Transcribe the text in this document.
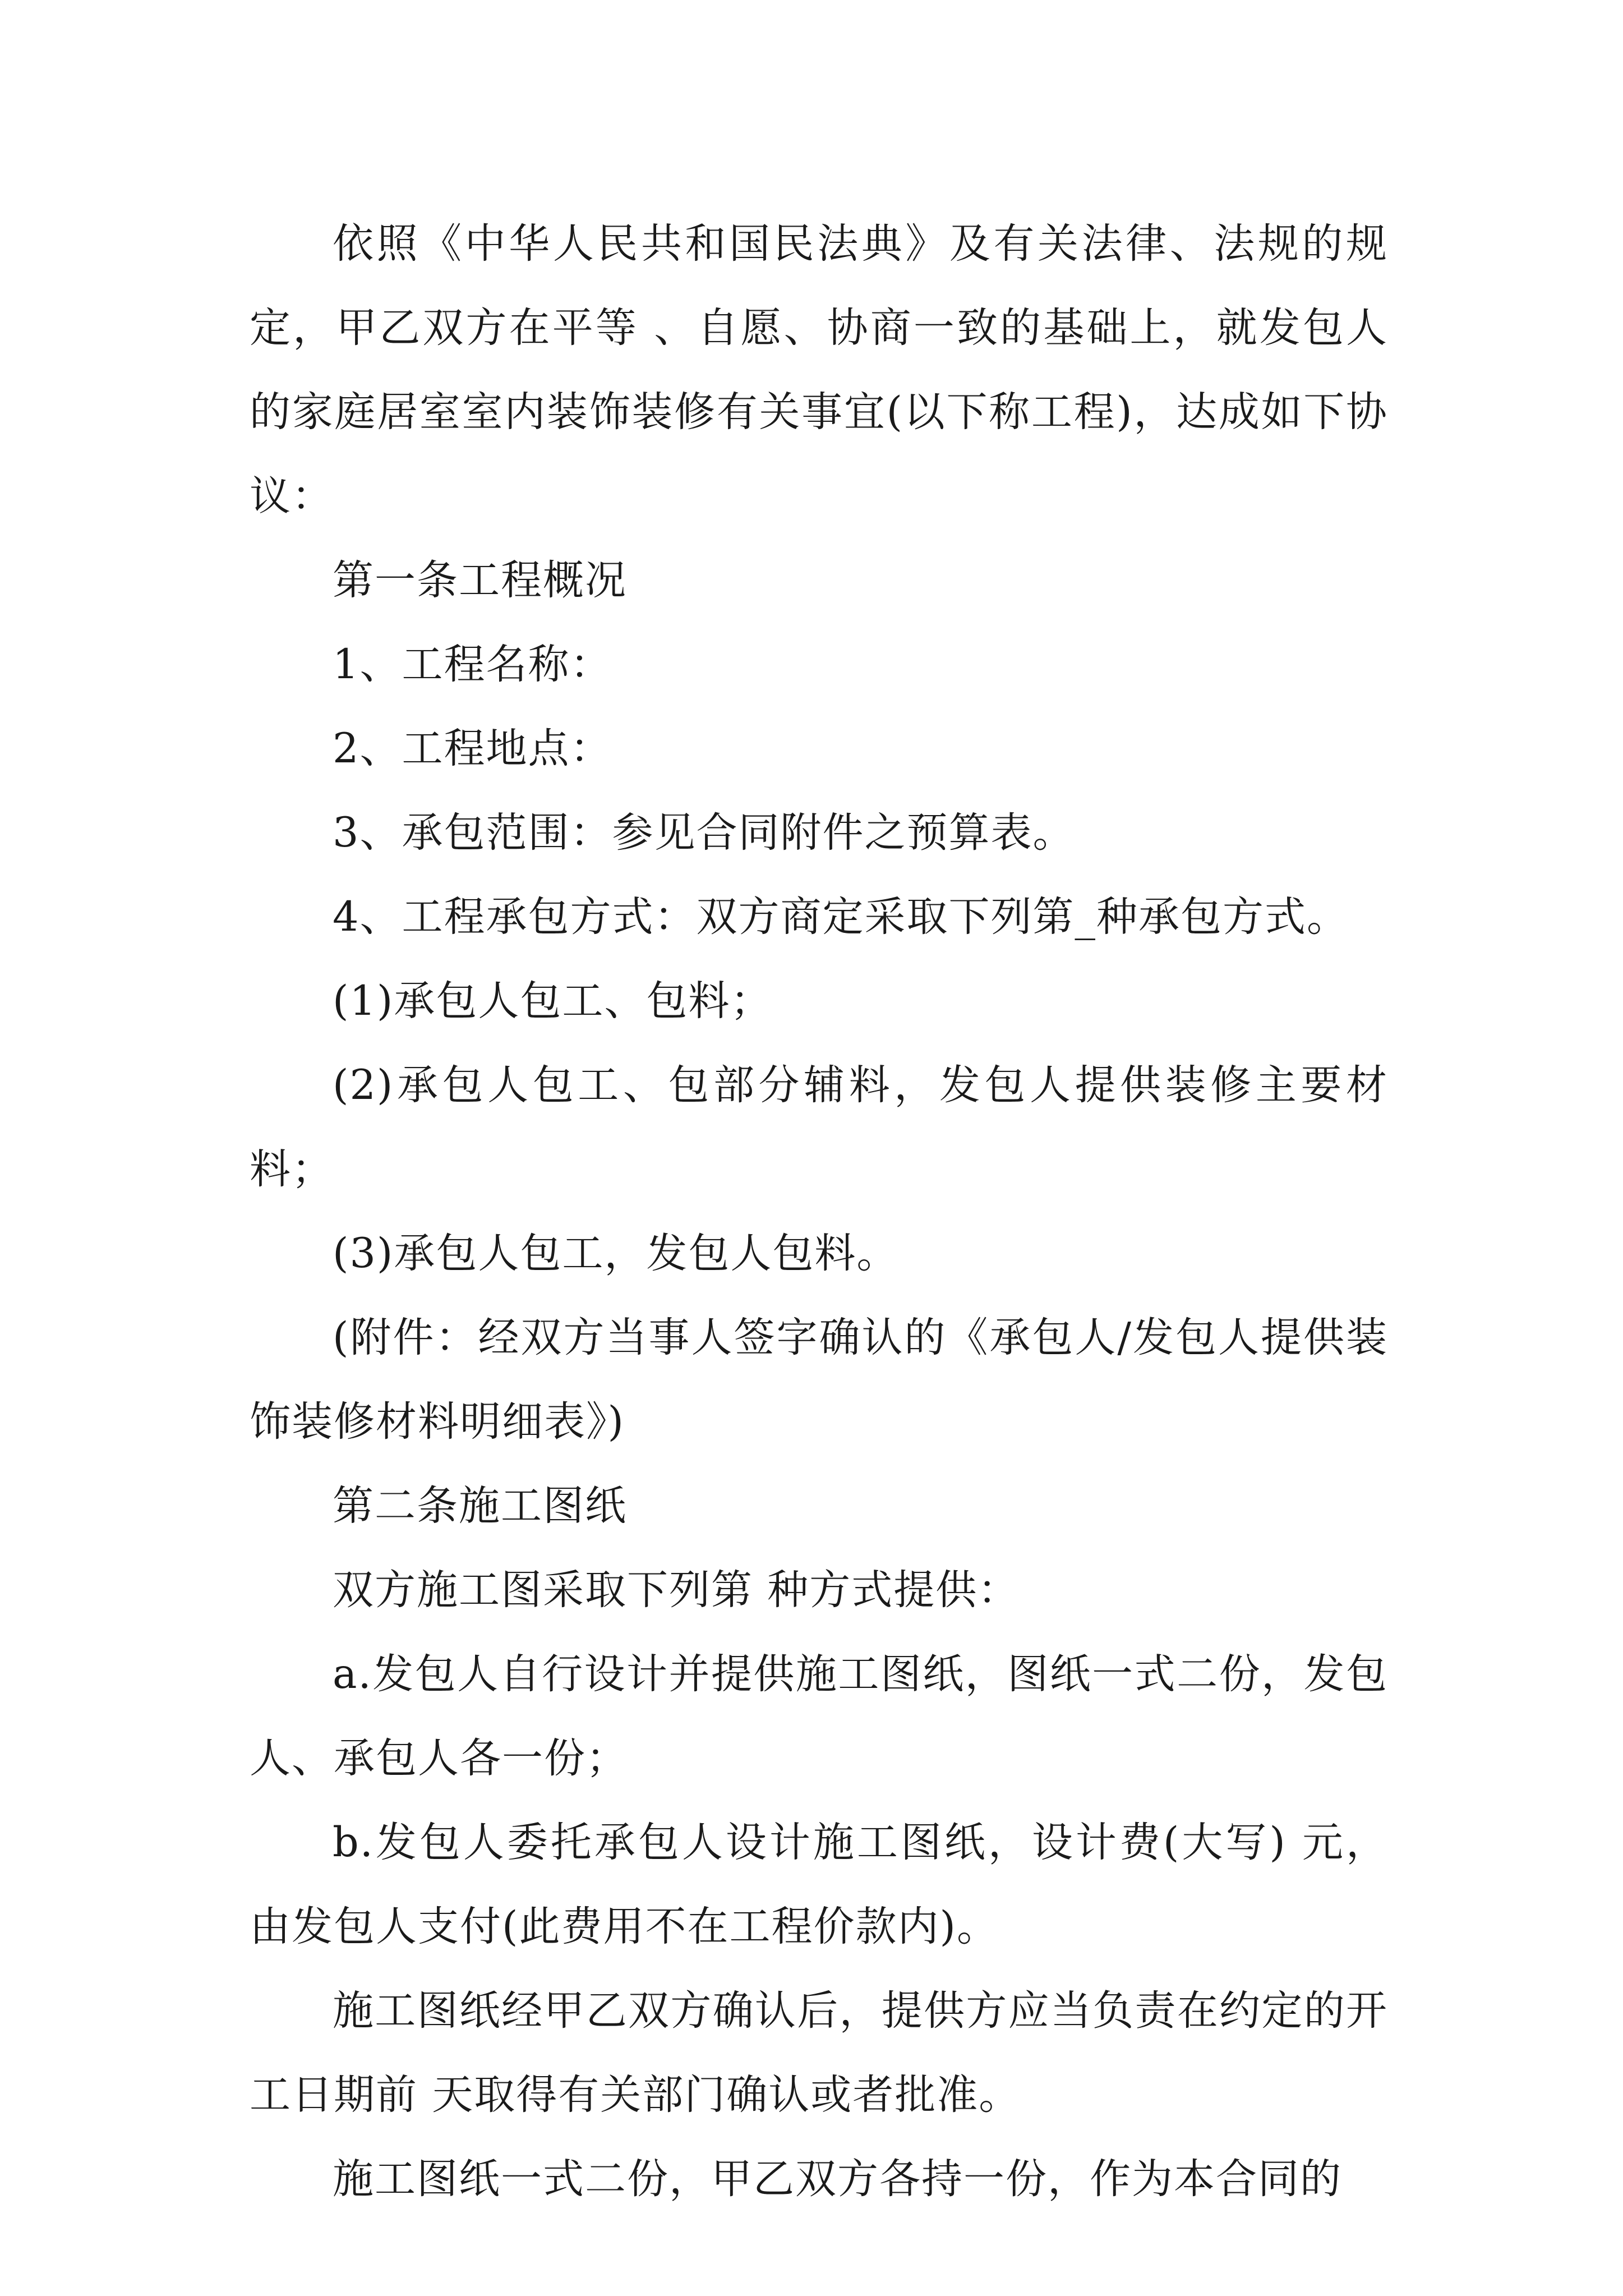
依照《中华人民共和国民法典》及有关法律、法规的规定，甲乙双方在平等 、自愿、协商一致的基础上，就发包人的家庭居室室内装饰装修有关事宜(以下称工程)，达成如下协议：

第一条工程概况

1、工程名称：

2、工程地点：

3、承包范围：参见合同附件之预算表。

4、工程承包方式：双方商定采取下列第_种承包方式。

(1)承包人包工、包料；

(2)承包人包工、包部分辅料，发包人提供装修主要材料；

(3)承包人包工，发包人包料。

(附件：经双方当事人签字确认的《承包人/发包人提供装饰装修材料明细表》)

第二条施工图纸

双方施工图采取下列第 种方式提供：

a.发包人自行设计并提供施工图纸，图纸一式二份，发包人、承包人各一份；

b.发包人委托承包人设计施工图纸，设计费(大写) 元，由发包人支付(此费用不在工程价款内)。

施工图纸经甲乙双方确认后，提供方应当负责在约定的开工日期前 天取得有关部门确认或者批准。

施工图纸一式二份，甲乙双方各持一份，作为本合同的
